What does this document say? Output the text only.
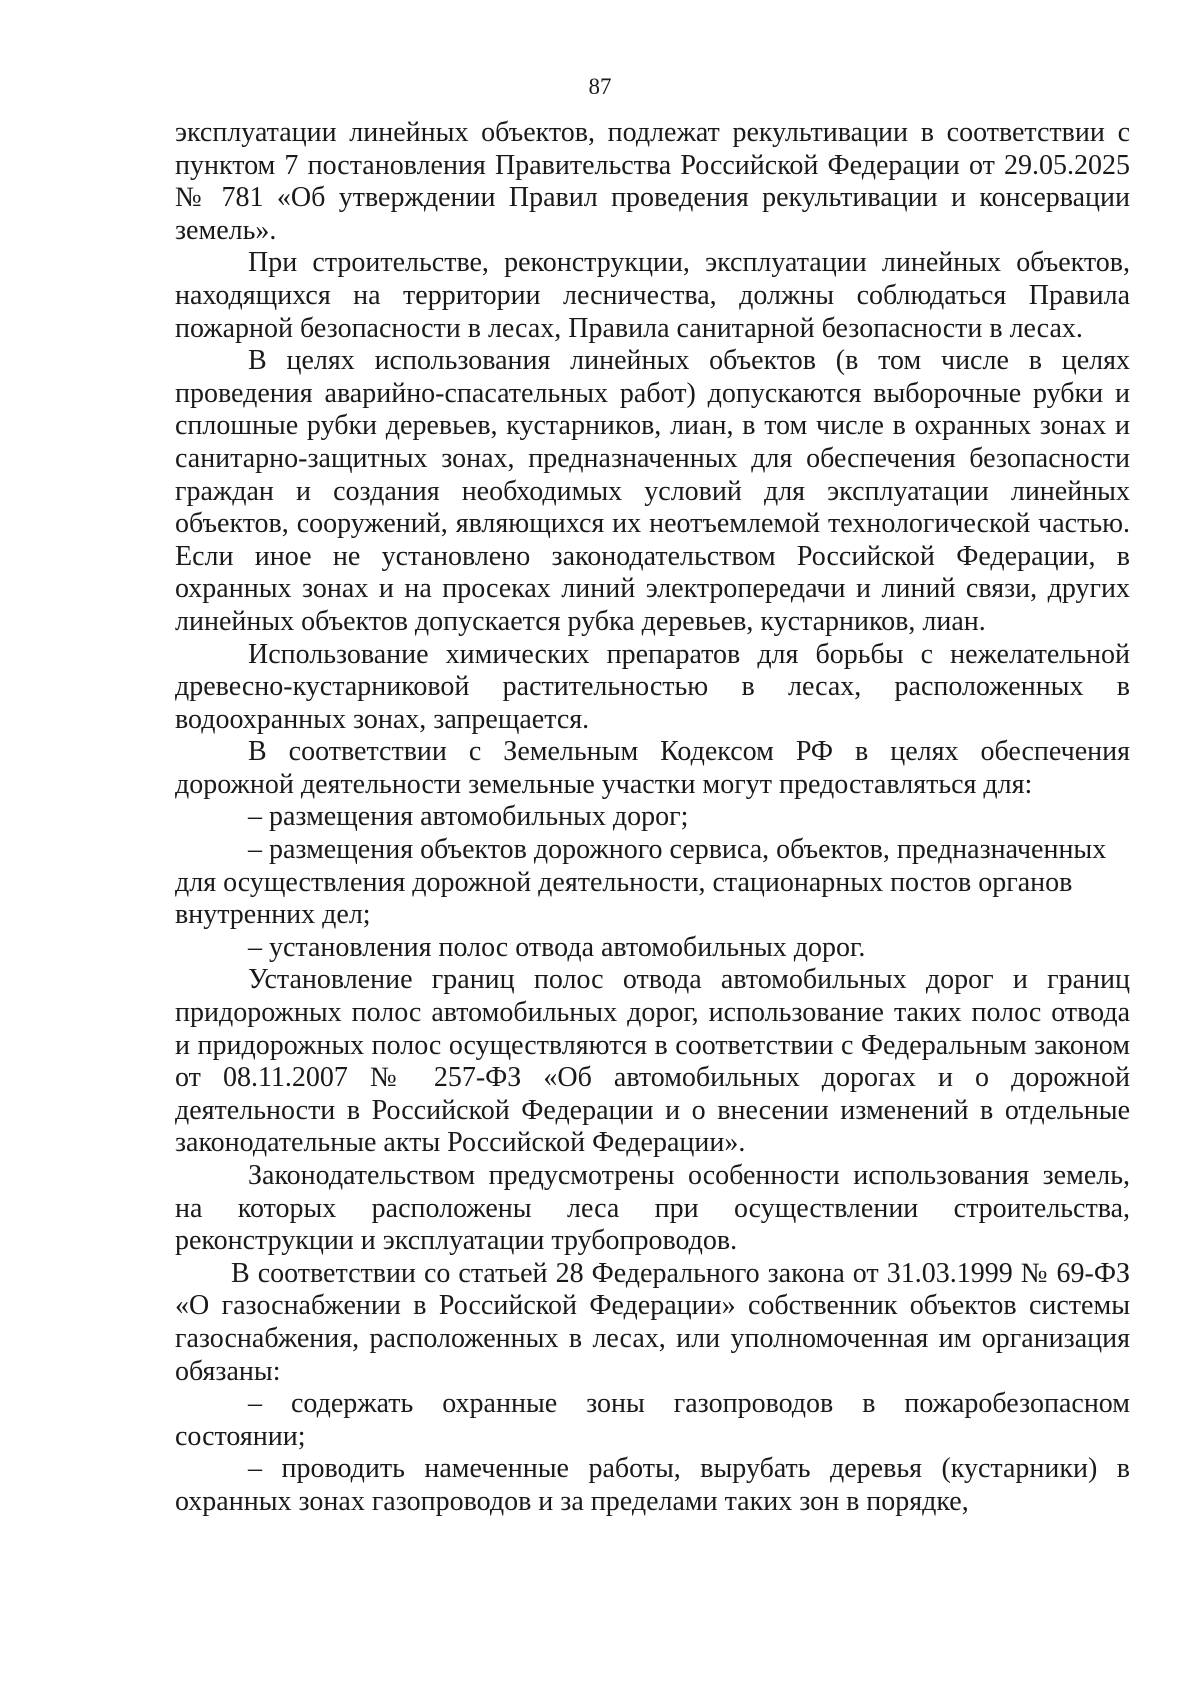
87

эксплуатации линейных объектов, подлежат рекультивации в соответствии с пунктом 7 постановления Правительства Российской Федерации от 29.05.2025 № 781 «Об утверждении Правил проведения рекультивации и консервации земель».

При строительстве, реконструкции, эксплуатации линейных объектов, находящихся на территории лесничества, должны соблюдаться Правила пожарной безопасности в лесах, Правила санитарной безопасности в лесах.

В целях использования линейных объектов (в том числе в целях проведения аварийно-спасательных работ) допускаются выборочные рубки и сплошные рубки деревьев, кустарников, лиан, в том числе в охранных зонах и санитарно-защитных зонах, предназначенных для обеспечения безопасности граждан и создания необходимых условий для эксплуатации линейных объектов, сооружений, являющихся их неотъемлемой технологической частью. Если иное не установлено законодательством Российской Федерации, в охранных зонах и на просеках линий электропередачи и линий связи, других линейных объектов допускается рубка деревьев, кустарников, лиан.

Использование химических препаратов для борьбы с нежелательной древесно-кустарниковой растительностью в лесах, расположенных в водоохранных зонах, запрещается.

В соответствии с Земельным Кодексом РФ в целях обеспечения дорожной деятельности земельные участки могут предоставляться для:

– размещения автомобильных дорог;

– размещения объектов дорожного сервиса, объектов, предназначенных для осуществления дорожной деятельности, стационарных постов органов внутренних дел;

– установления полос отвода автомобильных дорог.

Установление границ полос отвода автомобильных дорог и границ придорожных полос автомобильных дорог, использование таких полос отвода и придорожных полос осуществляются в соответствии с Федеральным законом от 08.11.2007 № 257-ФЗ «Об автомобильных дорогах и о дорожной деятельности в Российской Федерации и о внесении изменений в отдельные законодательные акты Российской Федерации».

Законодательством предусмотрены особенности использования земель, на которых расположены леса при осуществлении строительства, реконструкции и эксплуатации трубопроводов.

В соответствии со статьей 28 Федерального закона от 31.03.1999 № 69-ФЗ «О газоснабжении в Российской Федерации» собственник объектов системы газоснабжения, расположенных в лесах, или уполномоченная им организация обязаны:

– содержать охранные зоны газопроводов в пожаробезопасном состоянии;

– проводить намеченные работы, вырубать деревья (кустарники) в охранных зонах газопроводов и за пределами таких зон в порядке,
